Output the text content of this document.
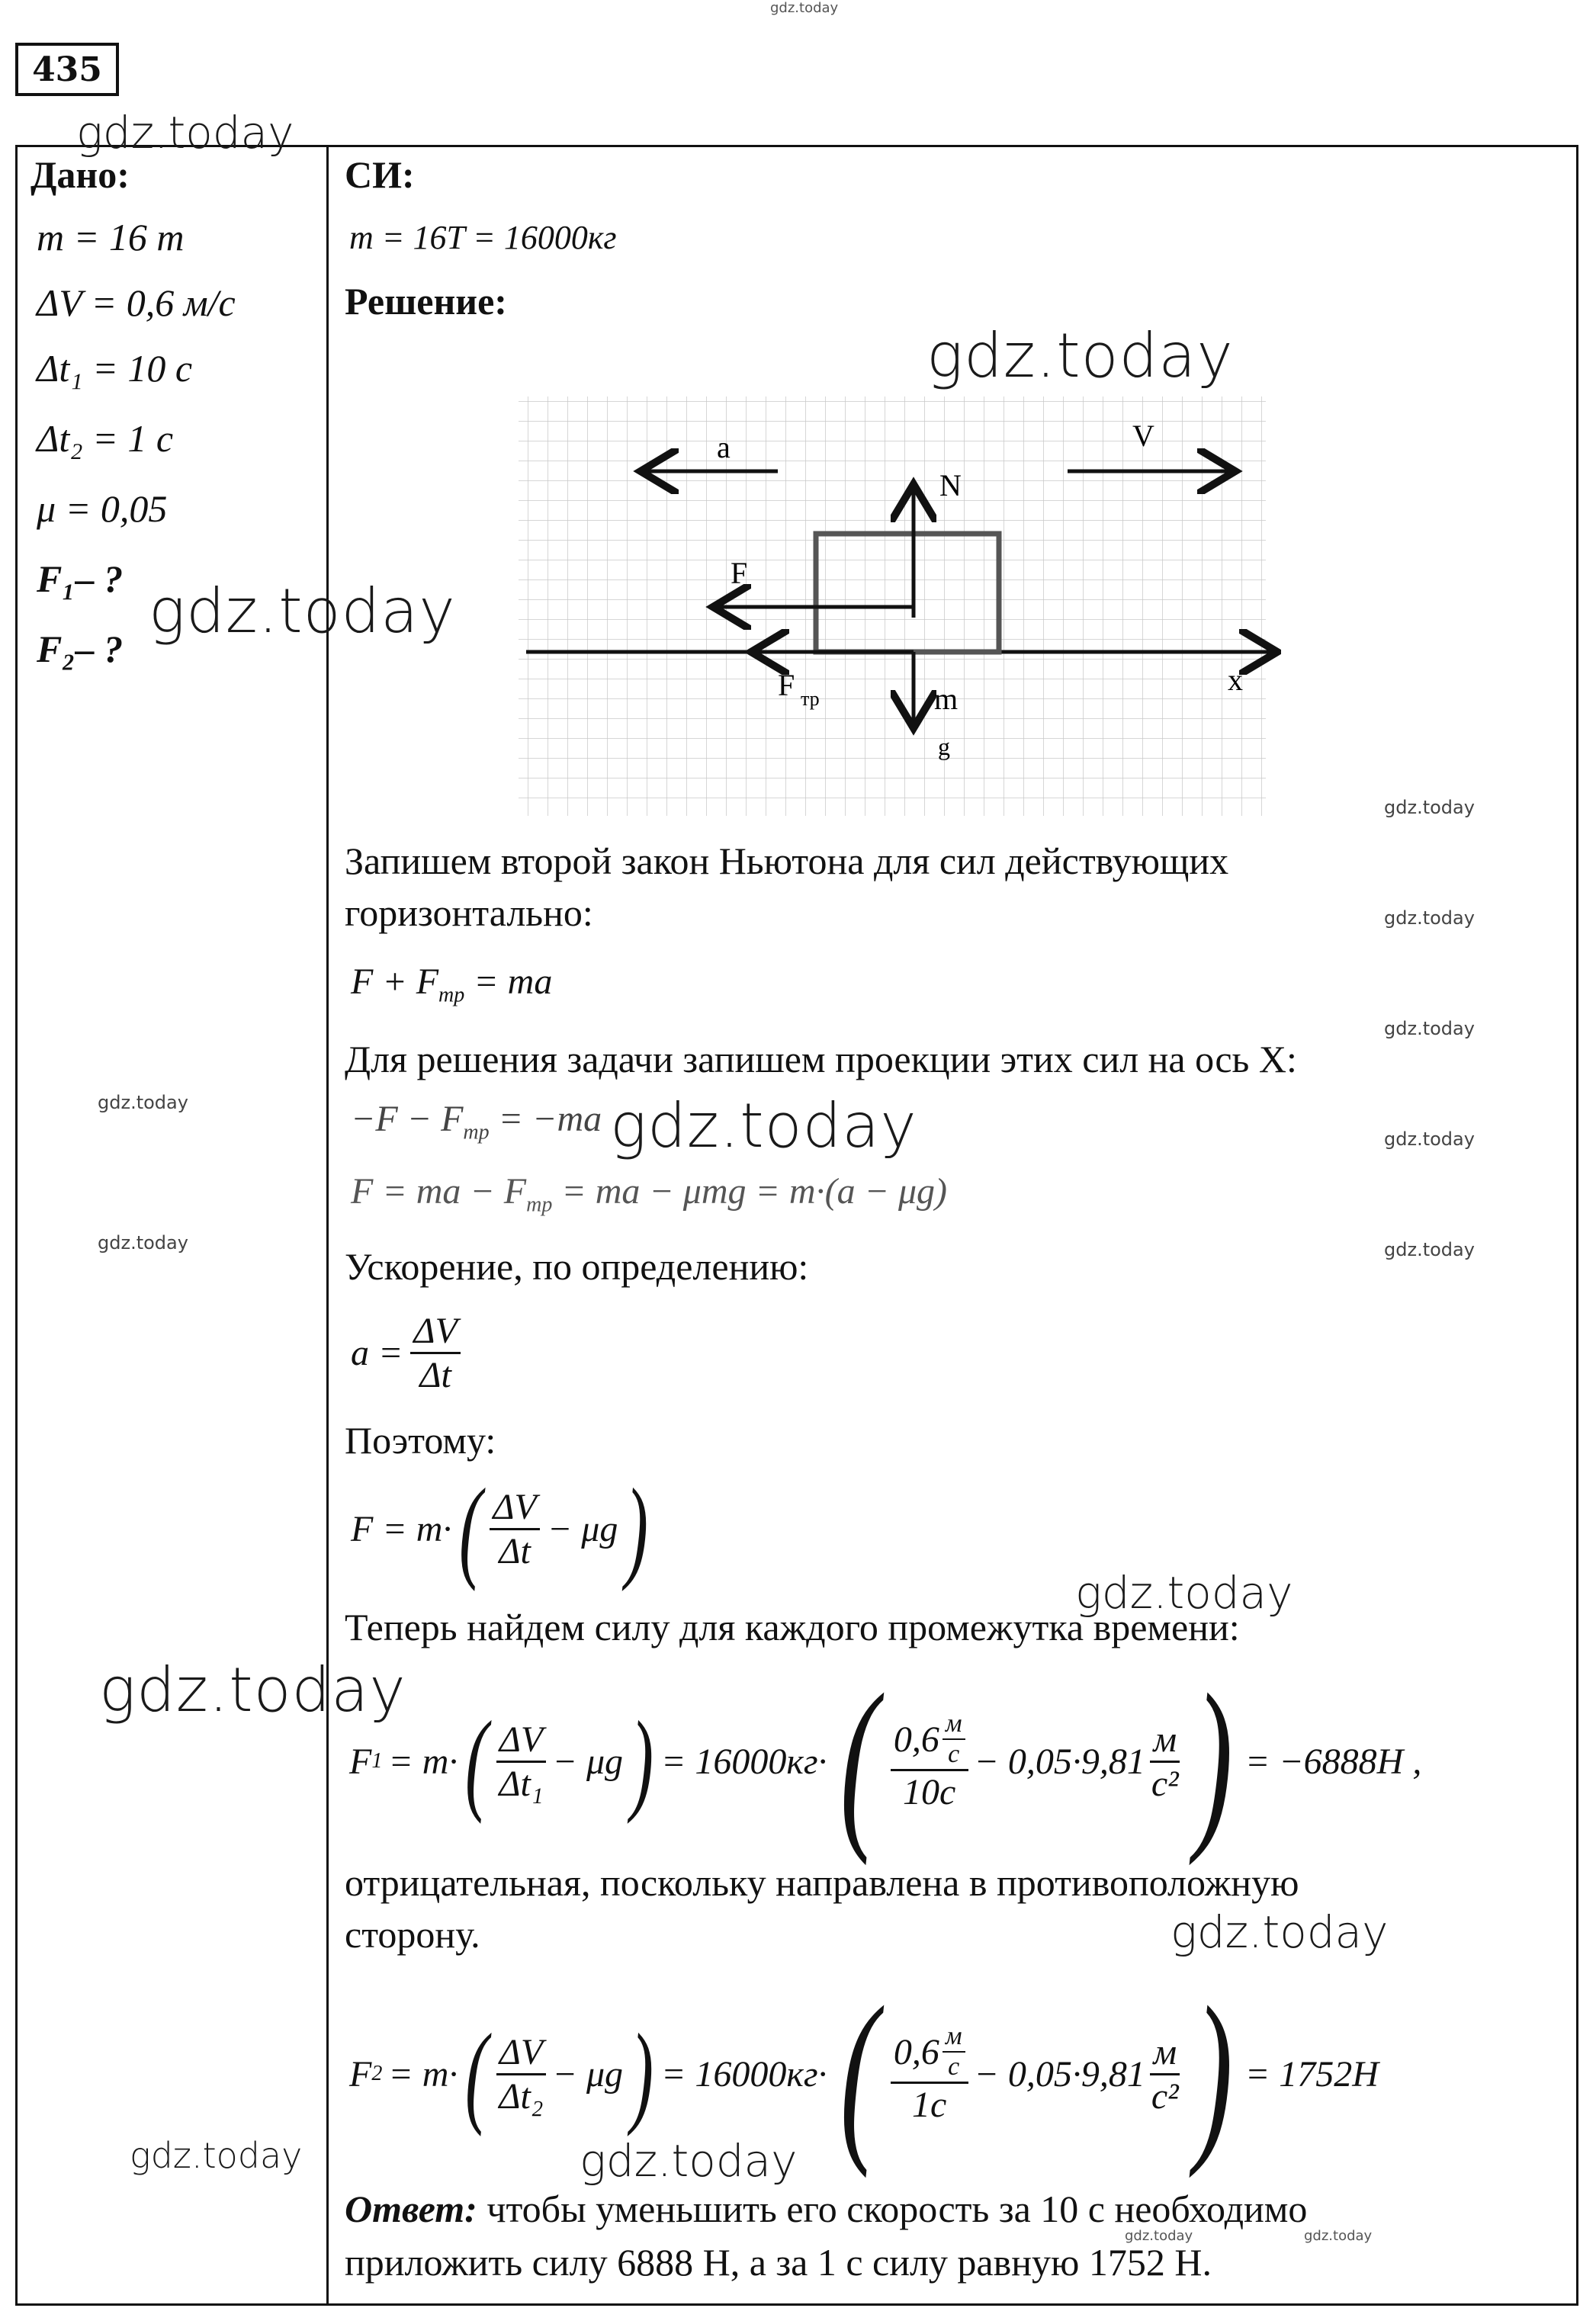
gdz.today
435
Дано:
m = 16 т
ΔV = 0,6 м/с
Δt₁ = 10 с
Δt₂ = 1 с
μ = 0,05
F₁– ?
F₂– ?
СИ:
m = 16T = 16000кг
Решение:
a	V
N
F
F тр
x
m
g
Запишем второй закон Ньютона для сил действующих
горизонтально:
$F + F_{тр}$ = ma
Для решения задачи запишем проекции этих сил на ось X:
$-F - F_{тр} = -ma$
F = ma − $F_{тр}$ = ma − μmg = m·(a − μg)
Ускорение, по определению:
$a = \frac{\Delta V}{\Delta t}$
Поэтому:
F = m· ( $\frac{\Delta V}{\Delta t} - \mu g$ )
Теперь найдем силу для каждого промежутка времени:
F 1 = m· ( $\frac{\Delta V}{\text{Δt₁}} - \mu g$ ) = 16000кг· ( $\frac{0,6 \frac{м}{с}}{10с} - 0,05\cdot 9,81 \frac{м}{\text{с²}}$ ) = −6888H ,
отрицательная, поскольку направлена в противоположную
сторону.
F 2 = m· ( $\frac{\Delta V}{\text{Δt₂}} - \mu g$ ) = 16000кг· ( $\frac{0,6 \frac{м}{с}}{1с} - 0,05\cdot 9,81 \frac{м}{\text{с²}}$ ) = 1752H
Ответ: чтобы уменьшить его скорость за 10 с необходимо
приложить силу 6888 Н, а за 1 с силу равную 1752 Н.
gdz.today
gdz.today
gdz.today
gdz.today
gdz.today
gdz.today
gdz.today	gdz.today	gdz.today
gdz.today	gdz.today
gdz.today
gdz.today
gdz.today
gdz.today	gdz.today
gdz.today	gdz.today
